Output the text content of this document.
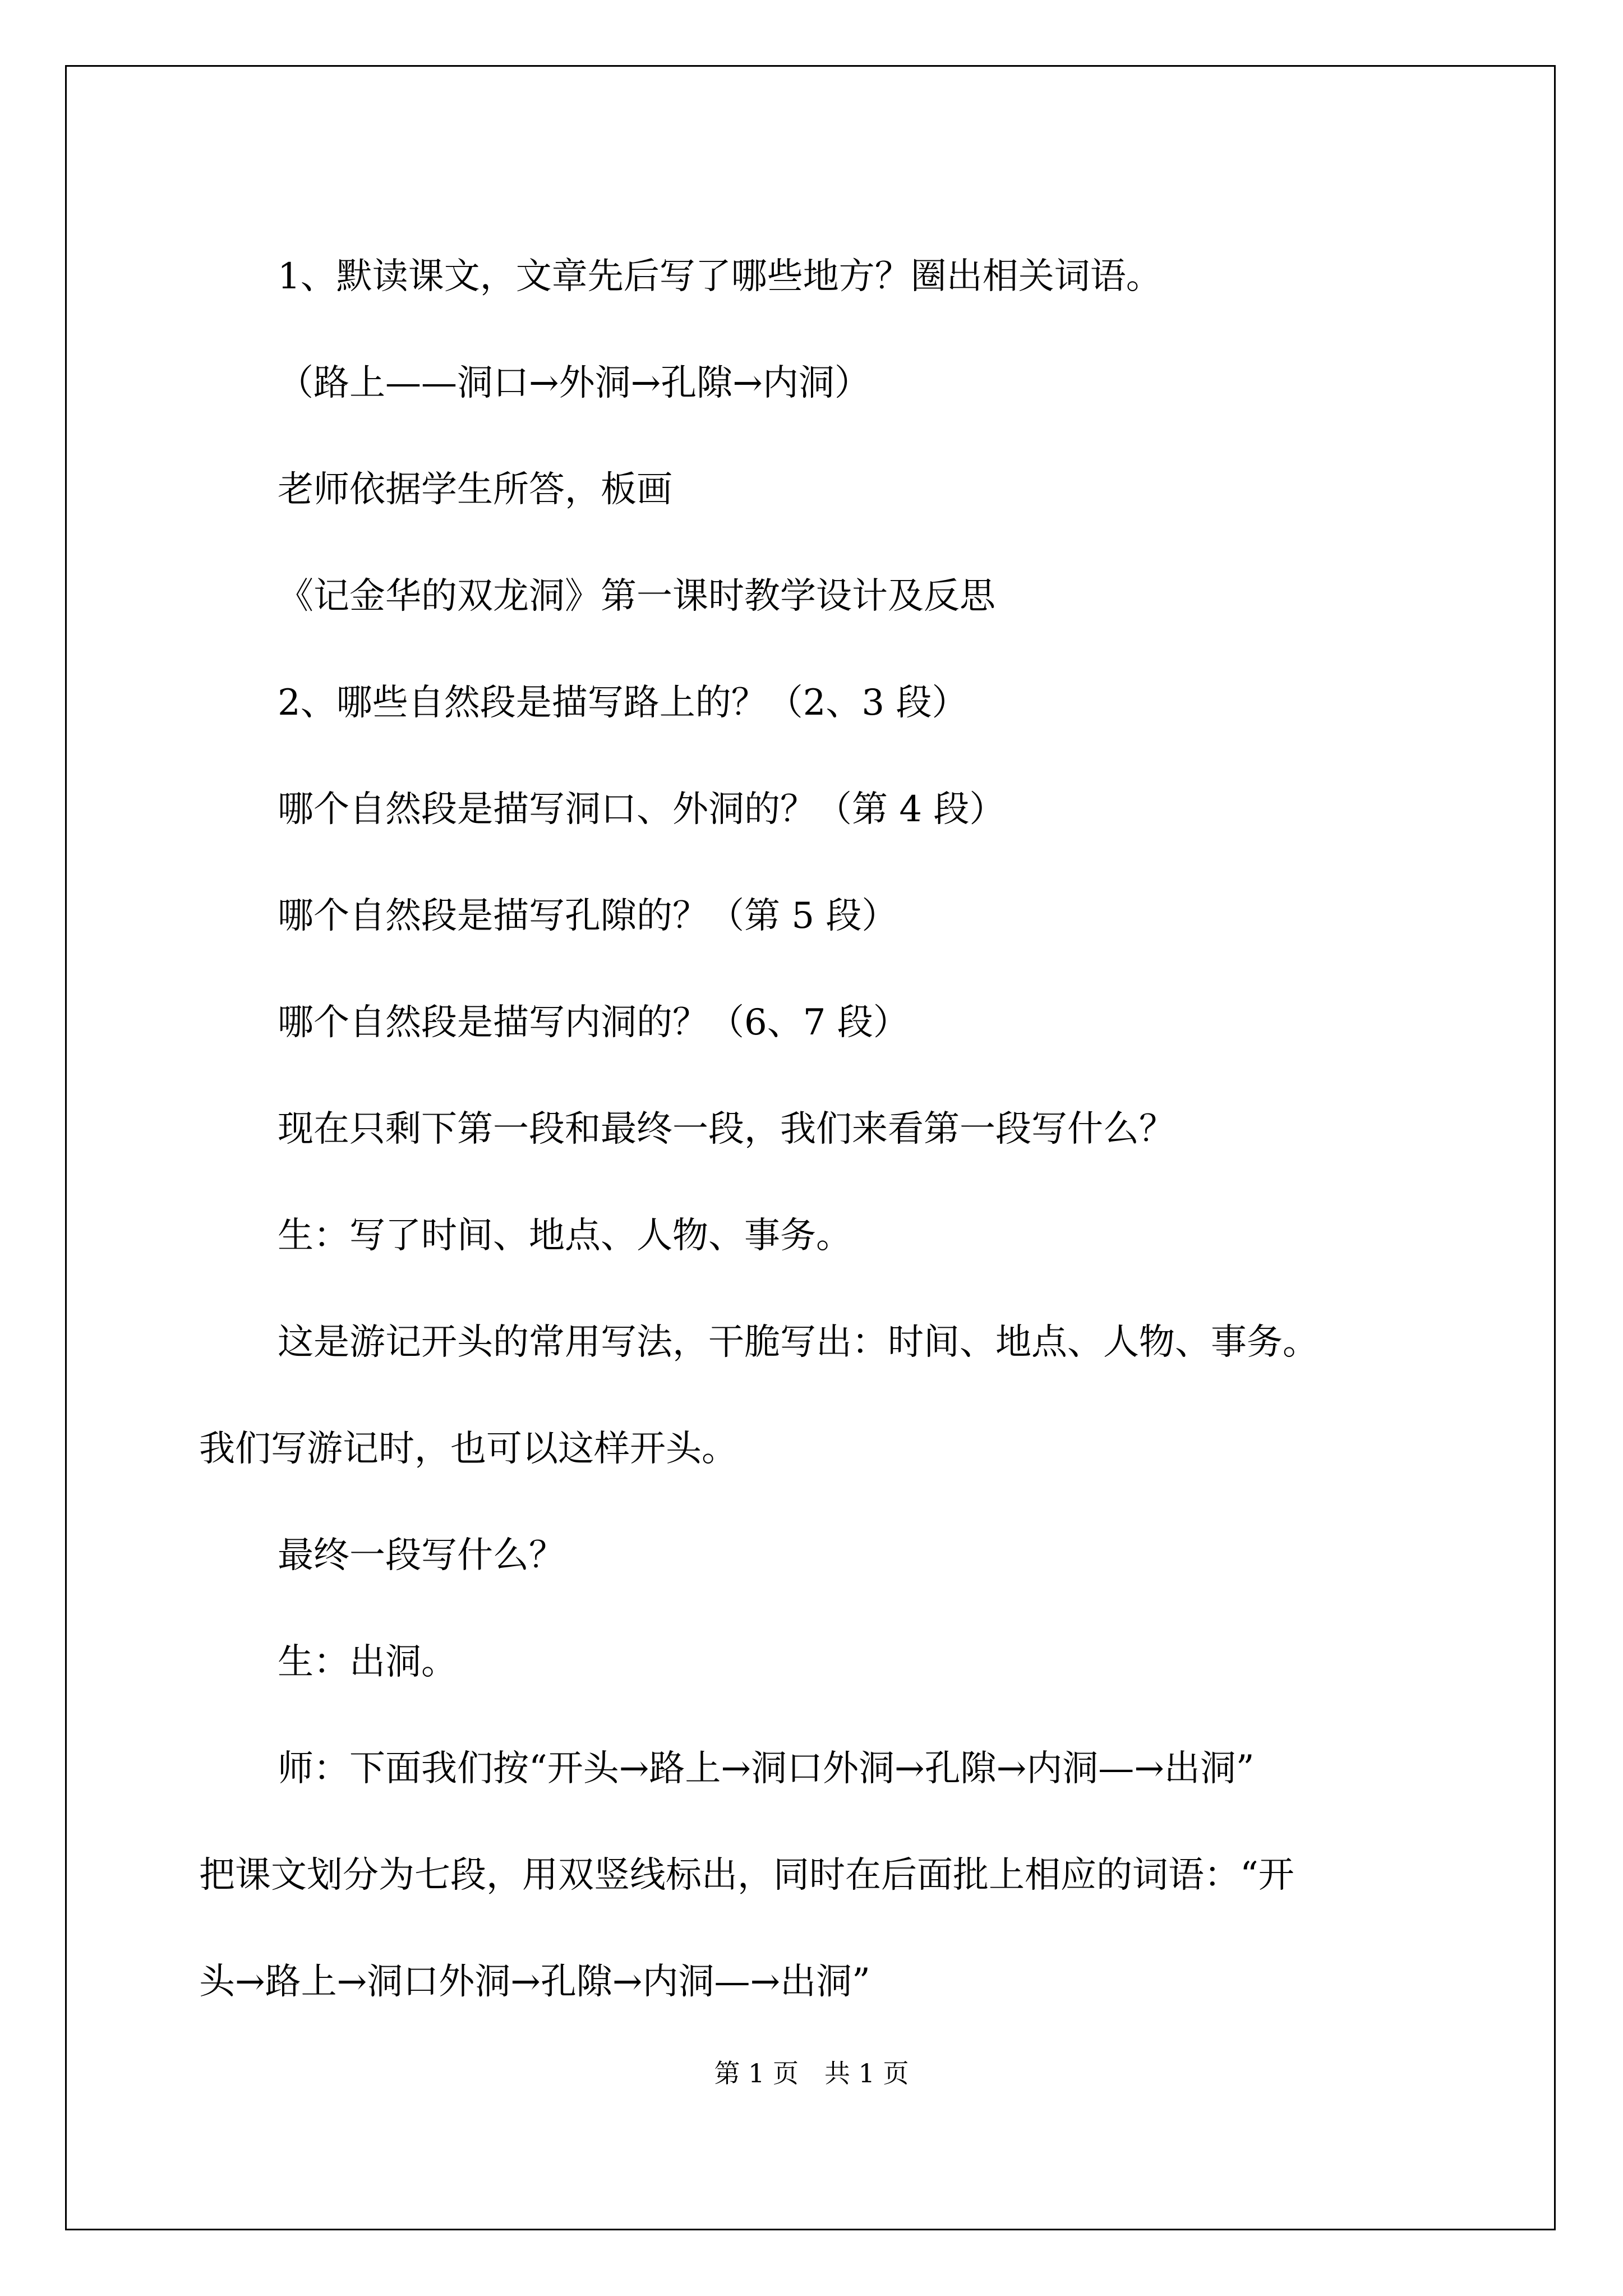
1、默读课文，文章先后写了哪些地方？圈出相关词语。

（路上——洞口→外洞→孔隙→内洞）

老师依据学生所答，板画

《记金华的双龙洞》第一课时教学设计及反思

2、哪些自然段是描写路上的？（2、3 段）

哪个自然段是描写洞口、外洞的？（第 4 段）

哪个自然段是描写孔隙的？（第 5 段）

哪个自然段是描写内洞的？（6、7 段）

现在只剩下第一段和最终一段，我们来看第一段写什么？

生：写了时间、地点、人物、事务。

这是游记开头的常用写法，干脆写出：时间、地点、人物、事务。
我们写游记时，也可以这样开头。

最终一段写什么？

生：出洞。

师：下面我们按“开头→路上→洞口外洞→孔隙→内洞—→出洞”
把课文划分为七段，用双竖线标出，同时在后面批上相应的词语：“开
头→路上→洞口外洞→孔隙→内洞—→出洞”

第 1 页　共 1 页
